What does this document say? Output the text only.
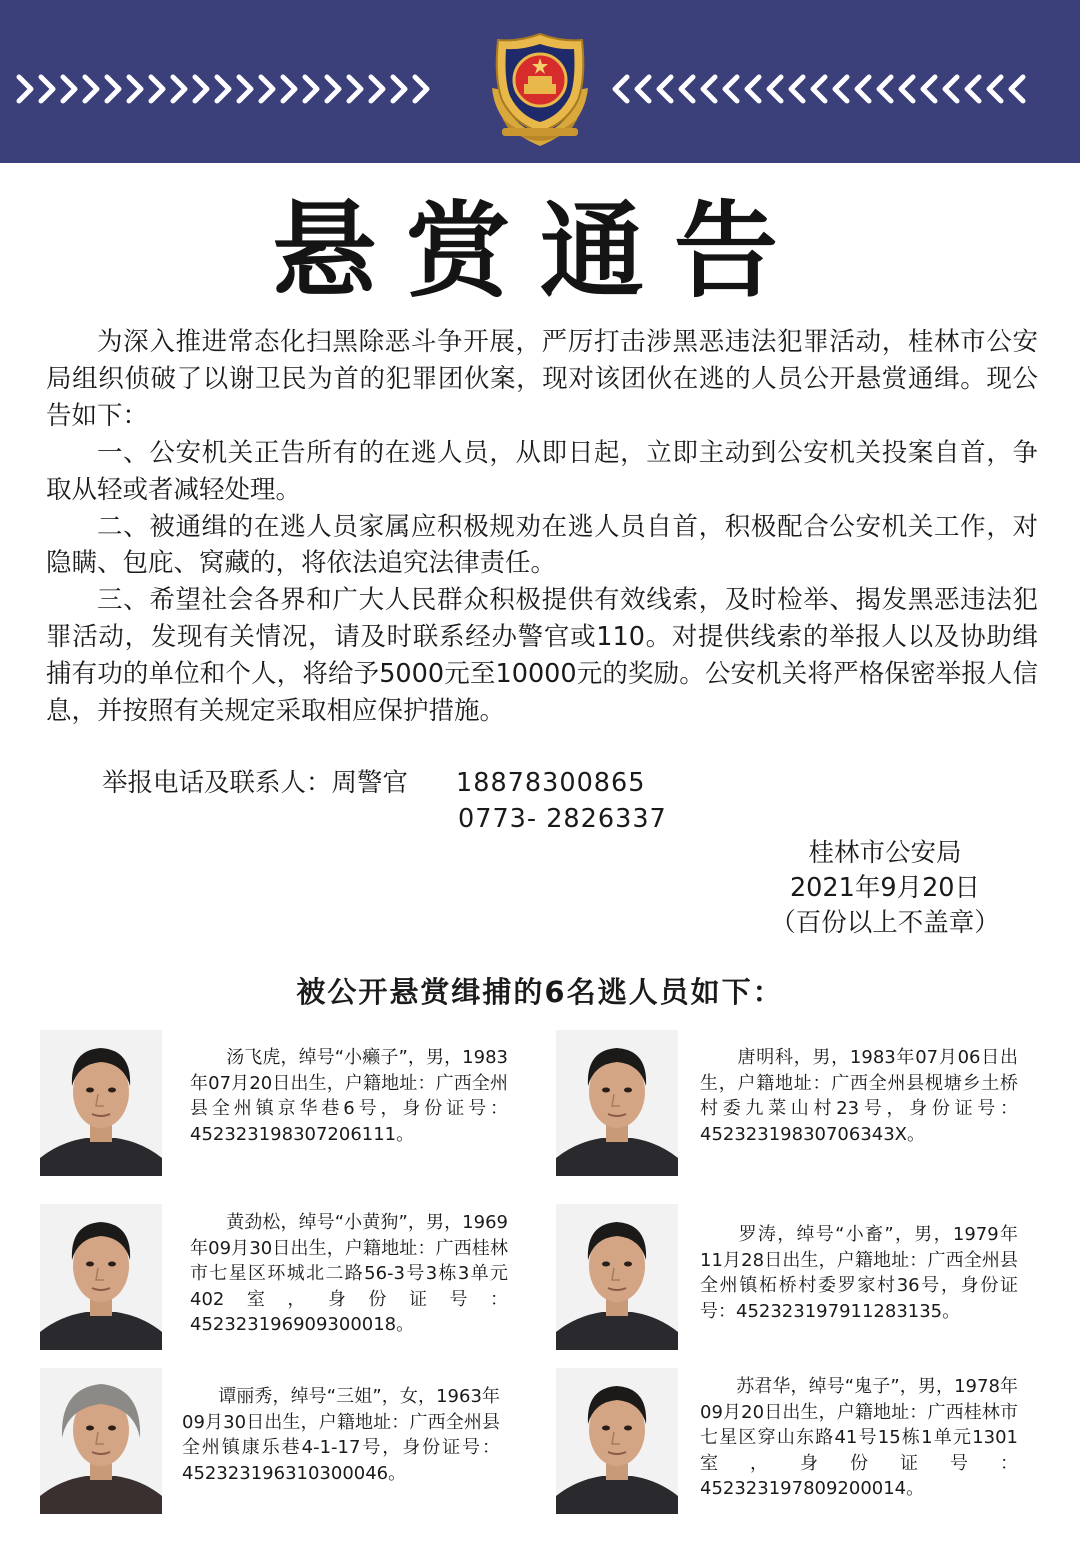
悬赏通告

为深入推进常态化扫黑除恶斗争开展，严厉打击涉黑恶违法犯罪活动，桂林市公安局组织侦破了以谢卫民为首的犯罪团伙案，现对该团伙在逃的人员公开悬赏通缉。现公告如下：

一、公安机关正告所有的在逃人员，从即日起，立即主动到公安机关投案自首，争取从轻或者减轻处理。

二、被通缉的在逃人员家属应积极规劝在逃人员自首，积极配合公安机关工作，对隐瞒、包庇、窝藏的，将依法追究法律责任。

三、希望社会各界和广大人民群众积极提供有效线索，及时检举、揭发黑恶违法犯罪活动，发现有关情况，请及时联系经办警官或110。对提供线索的举报人以及协助缉捕有功的单位和个人，将给予5000元至10000元的奖励。公安机关将严格保密举报人信息，并按照有关规定采取相应保护措施。

举报电话及联系人：周警官 18878300865
0773- 2826337
桂林市公安局
2021年9月20日
（百份以上不盖章）
被公开悬赏缉捕的6名逃人员如下：
　　汤飞虎，绰号“小癞子”，男，1983年07月20日出生，户籍地址：广西全州县全州镇京华巷6号，身份证号：452323198307206111。
　　唐明科，男，1983年07月06日出生，户籍地址：广西全州县枧塘乡土桥村委九菜山村23号，身份证号：45232319830706343X。
　　黄劲松，绰号“小黄狗”，男，1969年09月30日出生，户籍地址：广西桂林市七星区环城北二路56-3号3栋3单元402室，身份证号：452323196909300018。
　　罗涛，绰号“小畜”，男，1979年11月28日出生，户籍地址：广西全州县全州镇柘桥村委罗家村36号，身份证号：452323197911283135。
　　谭丽秀，绰号“三姐”，女，1963年09月30日出生，户籍地址：广西全州县全州镇康乐巷4-1-17号，身份证号：452323196310300046。
　　苏君华，绰号“鬼子”，男，1978年09月20日出生，户籍地址：广西桂林市七星区穿山东路41号15栋1单元1301室，身份证号：452323197809200014。
